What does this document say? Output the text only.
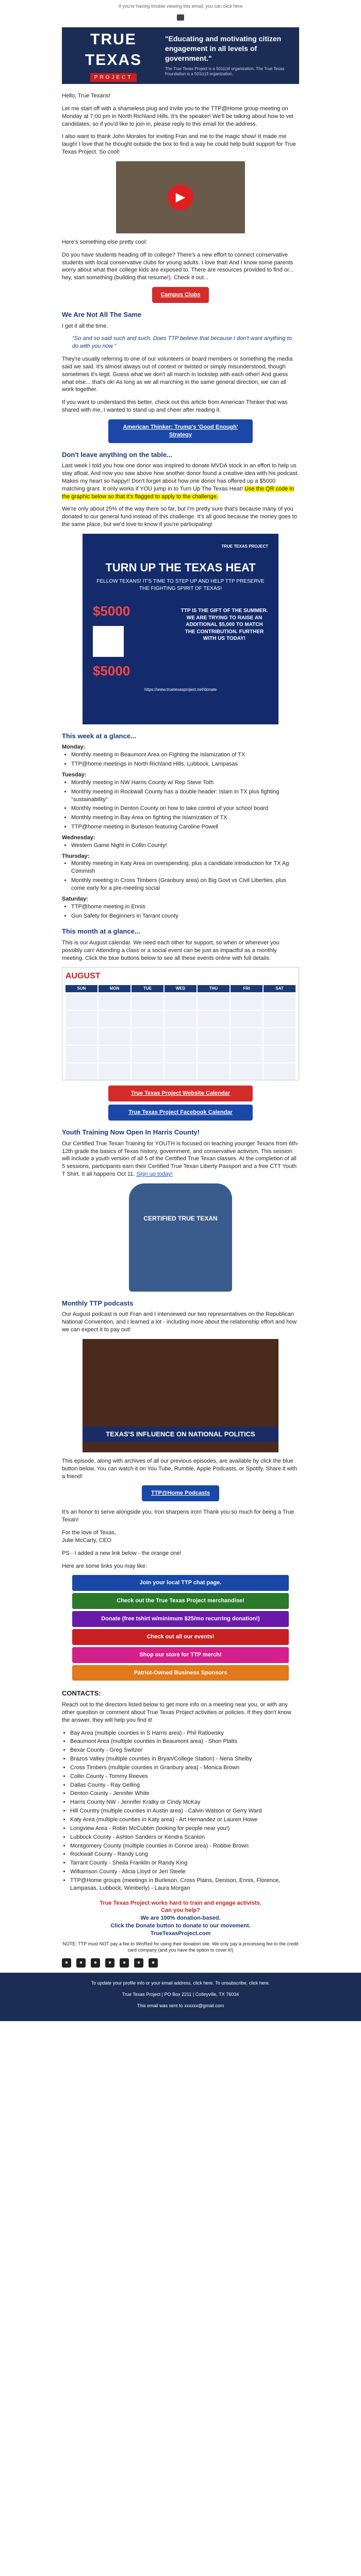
If you're having trouble viewing this email, you can click here
TRUE TEXAS
PROJECT
"Educating and motivating citizen engagement in all levels of government."
The True Texas Project is a 501(c)4 organization. The True Texas Foundation is a 501(c)3 organization.

Hello, True Texans!

Let me start off with a shameless plug and invite you to the TTP@Home group meeting on Monday at 7:00 pm in North Richland Hills. It's the speaker! We'll be talking about how to vet candidates, so if you'd like to join in, please reply to this email for the address.

I also want to thank John Morales for inviting Fran and me to the magic show! It made me laugh! I love that he thought outside the box to find a way he could help build support for True Texas Project. So cool!

▶

Here's something else pretty cool:

Do you have students heading off to college? There's a new effort to connect conservative students with local conservative clubs for young adults. I love that! And I know some parents worry about what their college kids are exposed to. There are resources provided to find or... hey, start something (building that resume!). Check it out...

Campus Clubs
We Are Not All The Same

I get it all the time.

"So and so said such and such. Does TTP believe that because I don't want anything to do with you now."

They're usually referring to one of our volunteers or board members or something the media said we said. It's almost always out of context or twisted or simply misunderstood, though sometimes it's legit. Guess what we don't all march in lockstep with each other! And guess what else... that's ok! As long as we all marching in the same general direction, we can all work together.

If you want to understand this better, check out this article from American Thinker that was shared with me. I wanted to stand up and cheer after reading it.

American Thinker: Trump's 'Good Enough' Strategy
Don't leave anything on the table...

Last week I told you how one donor was inspired to donate MVDA stock in an effort to help us stay afloat. And now you saw above how another donor found a creative idea with his podcast. Makes my heart so happy!! Don't forget about how one donor has offered up a $5000 matching grant. It only works if YOU jump in to Turn Up The Texas Heat! Use the QR code in the graphic below so that it's flagged to apply to the challenge.

We're only about 25% of the way there so far, but I'm pretty sure that's because many of you donated to our general fund instead of this challenge. It's all good because the money goes to the same place, but we'd love to know if you're participating!

TRUE TEXAS PROJECT
TURN UP THE TEXAS HEAT
FELLOW TEXANS! IT'S TIME TO STEP UP AND HELP TTP PRESERVE THE FIGHTING SPIRIT OF TEXAS!
$5000
$5000
TTP IS THE GIFT OF THE SUMMER. WE ARE TRYING TO RAISE AN ADDITIONAL $5,000 TO MATCH THE CONTRIBUTION. FURTHER WITH US TODAY!
https://www.truetexasproject.net/donate
This week at a glance...
Monday:
• Monthly meeting in Beaumont Area on Fighting the Islamization of TX
• TTP@home meetings in North Richland Hills, Lubbock, Lampasas
Tuesday:
• Monthly meeting in NW Harris County w/ Rep Steve Toth
• Monthly meeting in Rockwall County has a double header: Islam in TX plus fighting "sustainability"
• Monthly meeting in Denton County on how to take control of your school board
• Monthly meeting in Bay Area on fighting the Islamization of TX
• TTP@home meeting in Burleson featuring Caroline Powell
Wednesday:
• Western Game Night in Collin County!
Thursday:
• Monthly meeting in Katy Area on overspending, plus a candidate introduction for TX Ag Commish
• Monthly meeting in Cross Timbers (Granbury area) on Big Govt vs Civil Liberties, plus come early for a pre-meeting social
Saturday:
• TTP@home meeting in Ennis
• Gun Safety for Beginners in Tarrant county
This month at a glance...

This is our August calendar. We need each other for support, so when or wherever you possibly can! Attending a class or a social event can be just as impactful as a monthly meeting. Click the blue buttons below to see all these events online with full details.

AUGUST
SUN	MON	TUE	WED	THU	FRI	SAT
True Texas Project Website Calendar
True Texas Project Facebook Calendar
Youth Training Now Open In Harris County!

Our Certified True Texan Training for YOUTH is focused on teaching younger Texans from 6th-12th grade the basics of Texas history, government, and conservative activism. This session will include a youth version of all 5 of the Certified True Texan classes. At the completion of all 5 sessions, participants earn their Certified True Texan Liberty Passport and a free CTT Youth T Shirt. It all happens Oct 11. Sign up today!

CERTIFIED TRUE TEXAN
Monthly TTP podcasts

Our August podcast is out! Fran and I interviewed our two representatives on the Republican National Convention, and I learned a lot - including more about the relationship effort and how we can expect it to pay out!

TEXAS'S INFLUENCE ON NATIONAL POLITICS

This episode, along with archives of all our previous episodes, are available by click the blue button below. You can watch it on You Tube, Rumble, Apple Podcasts, or Spotify. Share it with a friend!

TTP@Home Podcasts

It's an honor to serve alongside you. Iron sharpens iron! Thank you so much for being a True Texan!

For the love of Texas,

Julie McCarty, CEO

PS - I added a new link below - the orange one!

Here are some links you may like:

Join your local TTP chat page.
Check out the True Texas Project merchandise!
Donate (free tshirt w/minimum $25/mo recurring donation!)
Check out all our events!
Shop our store for TTP merch!
Patriot-Owned Business Sponsors
CONTACTS:

Reach out to the directors listed below to get more info on a meeting near you, or with any other question or comment about True Texas Project activities or policies. If they don't know the answer, they will help you find it!

• Bay Area (multiple counties in S Harris area) - Phil Ratlowsky
• Beaumont Area (multiple counties in Beaumont area) - Shon Platts
• Bexar County - Greg Switzer
• Brazos Valley (multiple counties in Bryan/College Station) - Nena Shelby
• Cross Timbers (multiple counties in Granbury area) - Monica Brown
• Collin County - Tommy Reeves
• Dallas County - Ray Gelling
• Denton County - Jennifer White
• Harris County NW - Jennifer Kratky or Cindy McKay
• Hill Country (multiple counties in Austin area) - Calvin Watson or Gerry Ward
• Katy Area (multiple counties in Katy area) - Art Hernandez or Lauren Howe
• Longview Area - Robin McCubbin (looking for people near you!)
• Lubbock County - Ashton Sanders or Kendra Scanlon
• Montgomery County (multiple counties in Conroe area) - Robbie Brown
• Rockwall County - Randy Long
• Tarrant County - Sheila Franklin or Randy King
• Williamson County - Alicia Lloyd or Jeri Steele
• TTP@Home groups (meetings in Burleson, Cross Plains, Denison, Ennis, Florence, Lampasas, Lubbock, Wimberly) - Laura Morgan
True Texas Project works hard to train and engage activists.
Can you help?
We are 100% donation-based.
Click the Donate button to donate to our movement.
TrueTexasProject.com
NOTE: TTP must NOT pay a fee to WinRed for using their donation site. We only pay a processing fee to the credit card company (and you have the option to cover it!)
●	●	●	●	●	●	●

To update your profile info or your email address, click here. To unsubscribe, click here.

True Texas Project | PO Box 2211 | Colleyville, TX 76034

This email was sent to xxxxxx@gmail.com
